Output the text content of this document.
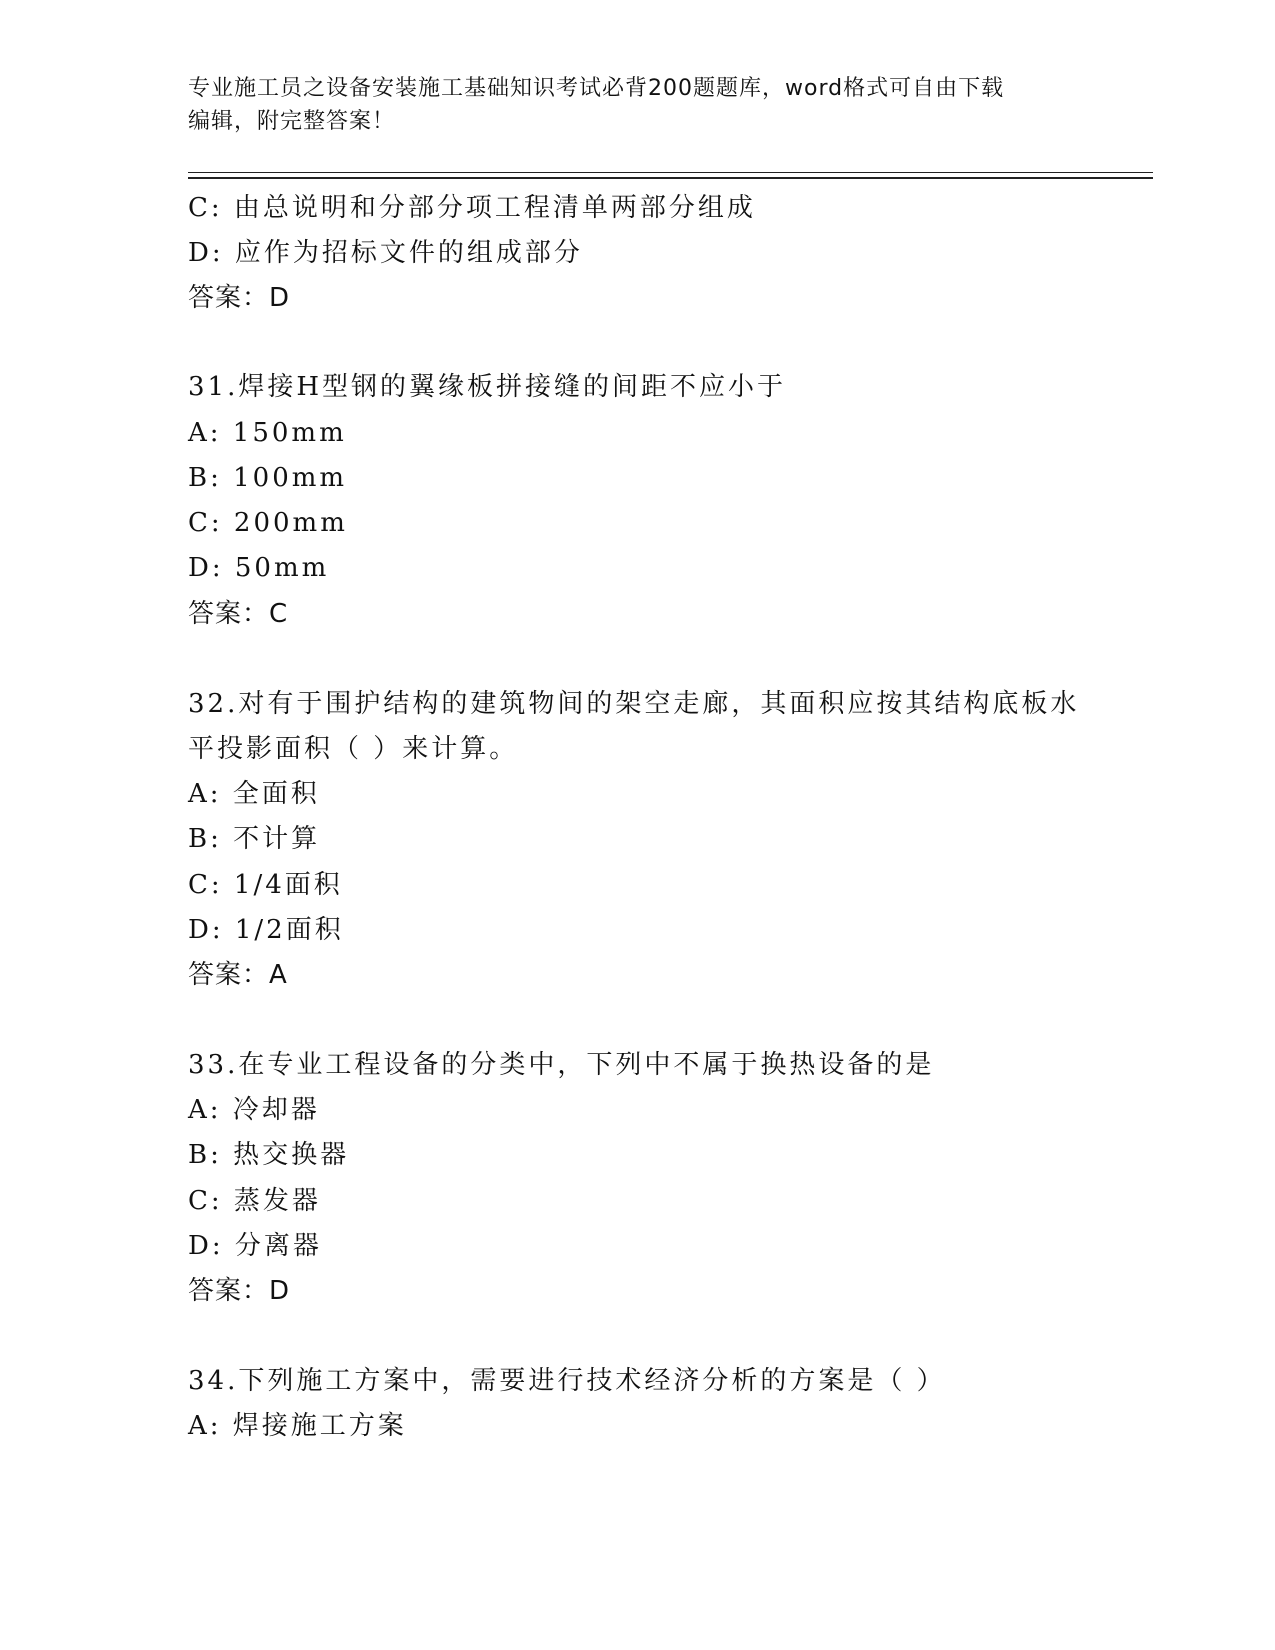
专业施工员之设备安装施工基础知识考试必背200题题库，word格式可自由下载
编辑，附完整答案！
C: 由总说明和分部分项工程清单两部分组成
D: 应作为招标文件的组成部分
答案：D
31.焊接H型钢的翼缘板拼接缝的间距不应小于
A: 150mm
B: 100mm
C: 200mm
D: 50mm
答案：C
32.对有于围护结构的建筑物间的架空走廊，其面积应按其结构底板水
平投影面积（ ）来计算。
A: 全面积
B: 不计算
C: 1/4面积
D: 1/2面积
答案：A
33.在专业工程设备的分类中，下列中不属于换热设备的是
A: 冷却器
B: 热交换器
C: 蒸发器
D: 分离器
答案：D
34.下列施工方案中，需要进行技术经济分析的方案是（ ）
A: 焊接施工方案
